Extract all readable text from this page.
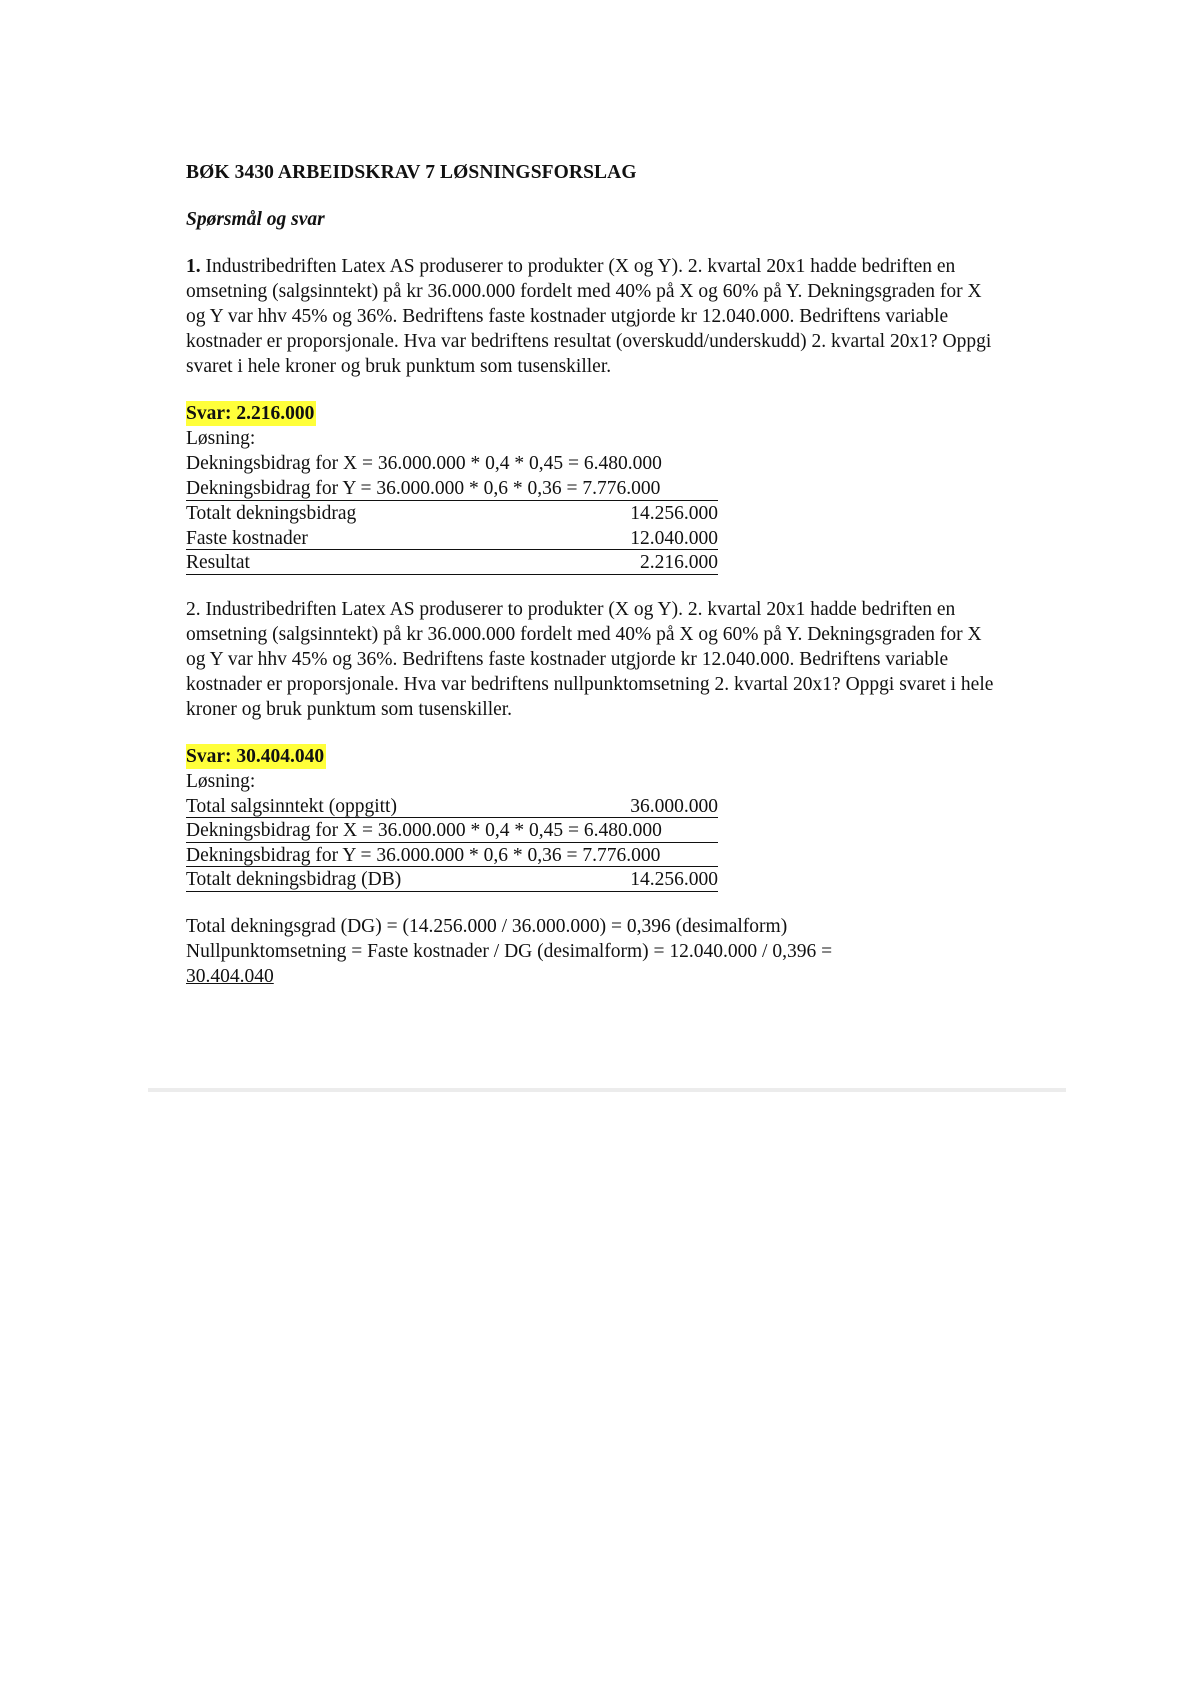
BØK 3430 ARBEIDSKRAV 7 LØSNINGSFORSLAG
Spørsmål og svar
1. Industribedriften Latex AS produserer to produkter (X og Y). 2. kvartal 20x1 hadde bedriften en omsetning (salgsinntekt) på kr 36.000.000 fordelt med 40% på X og 60% på Y. Dekningsgraden for X og Y var hhv 45% og 36%. Bedriftens faste kostnader utgjorde kr 12.040.000. Bedriftens variable kostnader er proporsjonale. Hva var bedriftens resultat (overskudd/underskudd) 2. kvartal 20x1? Oppgi svaret i hele kroner og bruk punktum som tusenskiller.
Svar: 2.216.000
Løsning:
Dekningsbidrag for X = 36.000.000 * 0,4 * 0,45 = 6.480.000
Dekningsbidrag for Y = 36.000.000 * 0,6 * 0,36 = 7.776.000
Totalt dekningsbidrag	14.256.000
Faste kostnader	12.040.000
Resultat	2.216.000
2. Industribedriften Latex AS produserer to produkter (X og Y). 2. kvartal 20x1 hadde bedriften en omsetning (salgsinntekt) på kr 36.000.000 fordelt med 40% på X og 60% på Y. Dekningsgraden for X og Y var hhv 45% og 36%. Bedriftens faste kostnader utgjorde kr 12.040.000. Bedriftens variable kostnader er proporsjonale. Hva var bedriftens nullpunktomsetning 2. kvartal 20x1? Oppgi svaret i hele kroner og bruk punktum som tusenskiller.
Svar: 30.404.040
Løsning:
Total salgsinntekt (oppgitt)	36.000.000
Dekningsbidrag for X = 36.000.000 * 0,4 * 0,45 = 6.480.000
Dekningsbidrag for Y = 36.000.000 * 0,6 * 0,36 = 7.776.000
Totalt dekningsbidrag (DB)	14.256.000
Total dekningsgrad (DG) = (14.256.000 / 36.000.000) = 0,396 (desimalform)
Nullpunktomsetning = Faste kostnader / DG (desimalform) = 12.040.000 / 0,396 =
30.404.040
